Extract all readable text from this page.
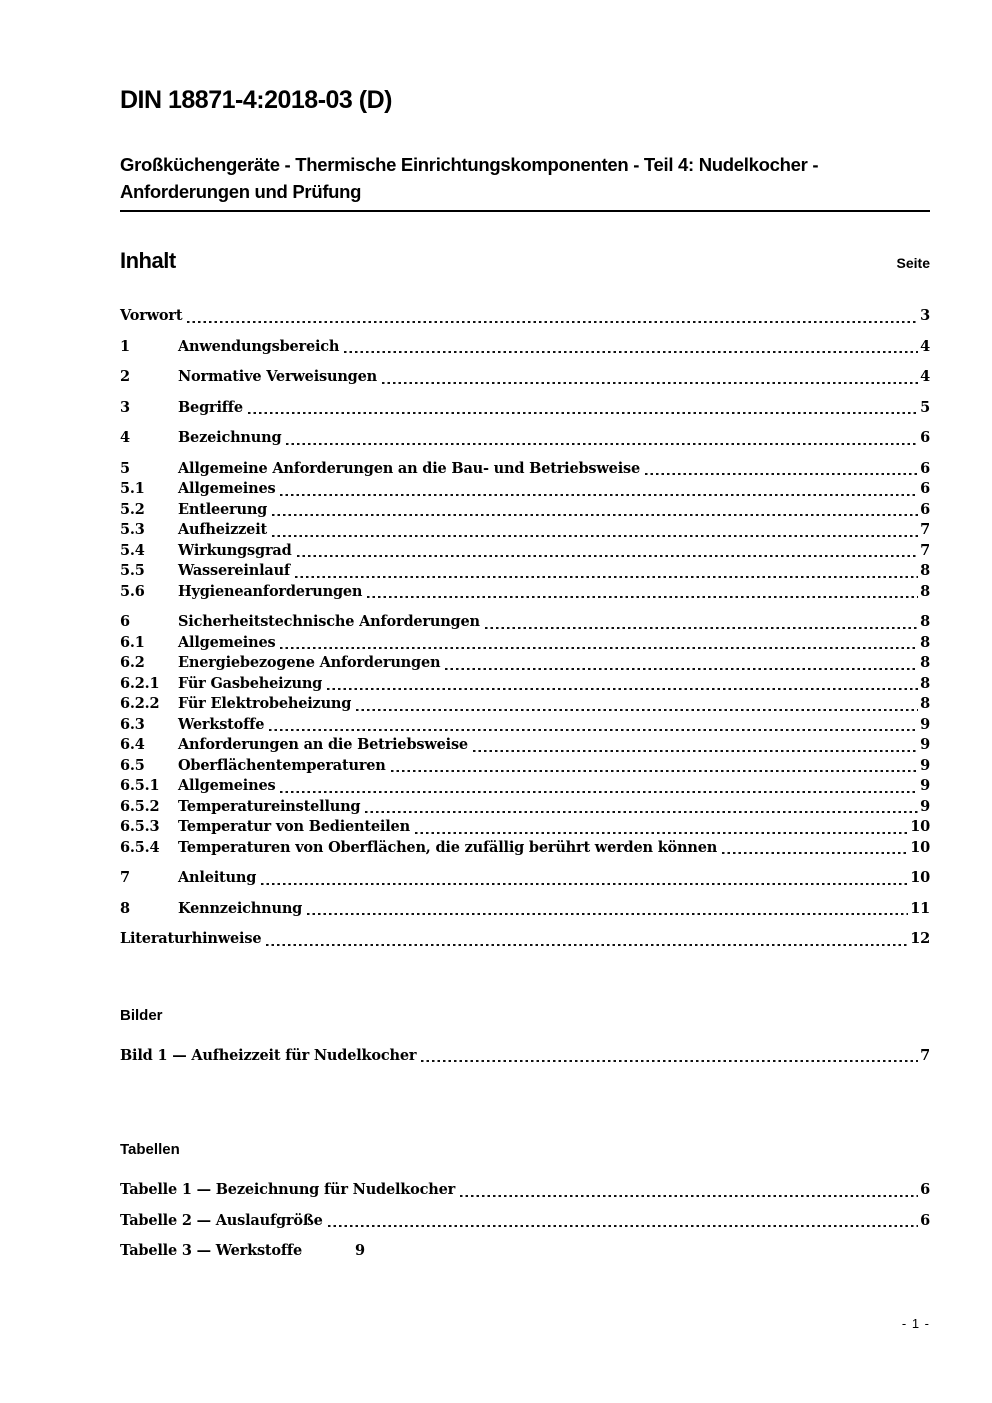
DIN 18871-4:2018-03 (D)
Großküchengeräte - Thermische Einrichtungskomponenten - Teil 4: Nudelkocher - Anforderungen und Prüfung
Inhalt	Seite
Vorwort	3
1	Anwendungsbereich	4
2	Normative Verweisungen	4
3	Begriffe	5
4	Bezeichnung	6
5	Allgemeine Anforderungen an die Bau- und Betriebsweise	6
5.1	Allgemeines	6
5.2	Entleerung	6
5.3	Aufheizzeit	7
5.4	Wirkungsgrad	7
5.5	Wassereinlauf	8
5.6	Hygieneanforderungen	8
6	Sicherheitstechnische Anforderungen	8
6.1	Allgemeines	8
6.2	Energiebezogene Anforderungen	8
6.2.1	Für Gasbeheizung	8
6.2.2	Für Elektrobeheizung	8
6.3	Werkstoffe	9
6.4	Anforderungen an die Betriebsweise	9
6.5	Oberflächentemperaturen	9
6.5.1	Allgemeines	9
6.5.2	Temperatureinstellung	9
6.5.3	Temperatur von Bedienteilen	10
6.5.4	Temperaturen von Oberflächen, die zufällig berührt werden können	10
7	Anleitung	10
8	Kennzeichnung	11
Literaturhinweise	12
Bilder
Bild 1 — Aufheizzeit für Nudelkocher	7
Tabellen
Tabelle 1 — Bezeichnung für Nudelkocher	6
Tabelle 2 — Auslaufgröße	6
Tabelle 3 — Werkstoffe	9
- 1 -
